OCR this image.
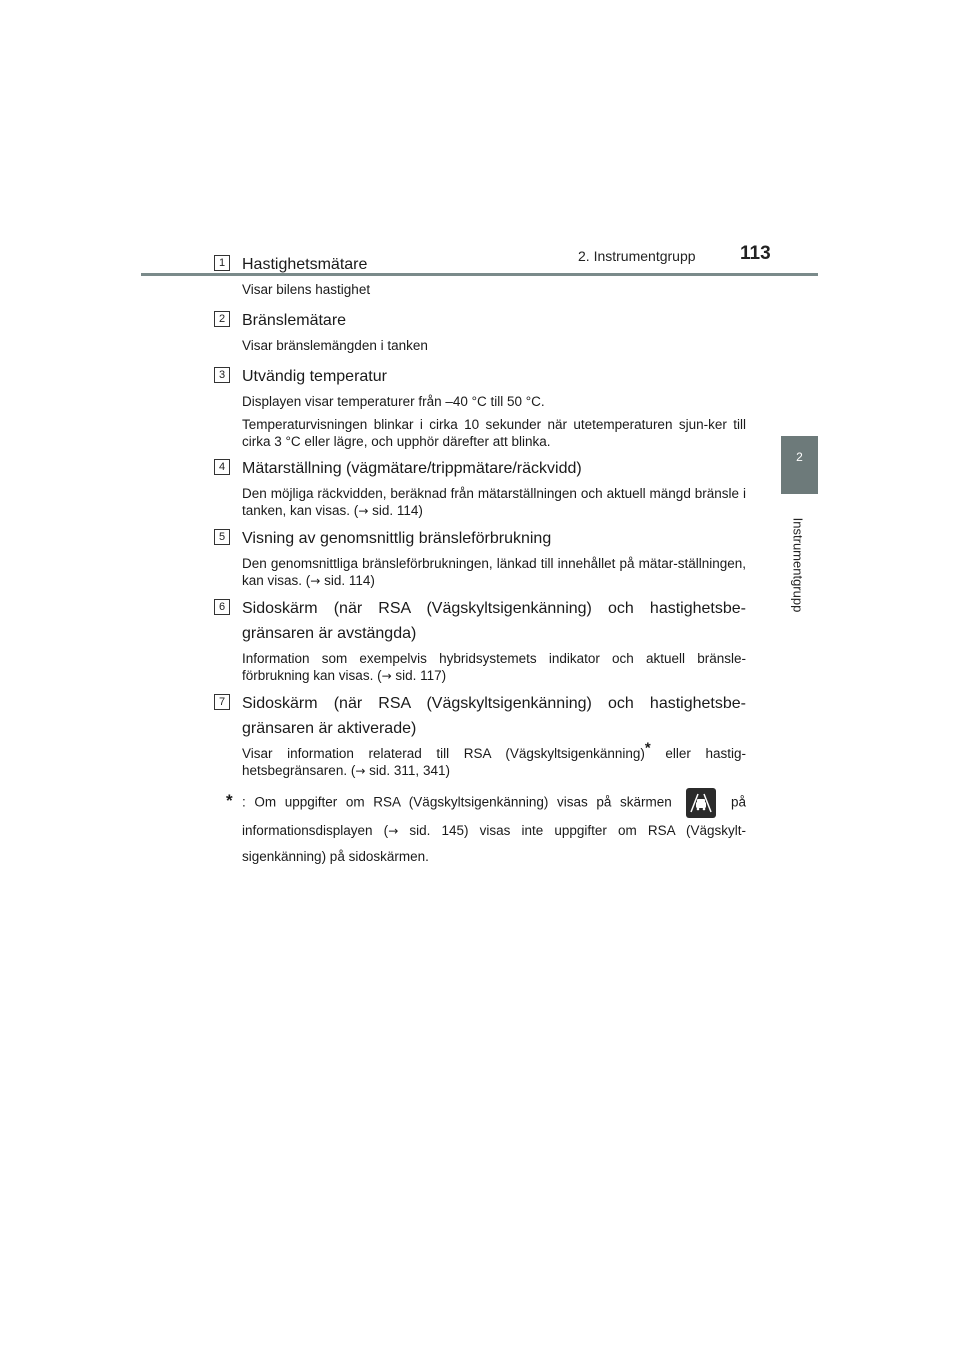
2. Instrumentgrupp 113
2
Instrumentgrupp
1	Hastighetsmätare

Visar bilens hastighet

2	Bränslemätare

Visar bränslemängden i tanken

3	Utvändig temperatur

Displayen visar temperaturer från –40 °C till 50 °C.

Temperaturvisningen blinkar i cirka 10 sekunder när utetemperaturen sjun-ker till cirka 3 °C eller lägre, och upphör därefter att blinka.

4	Mätarställning (vägmätare/trippmätare/räckvidd)

Den möjliga räckvidden, beräknad från mätarställningen och aktuell mängd bränsle i tanken, kan visas. (→ sid. 114)

5	Visning av genomsnittlig bränsleförbrukning

Den genomsnittliga bränsleförbrukningen, länkad till innehållet på mätar-ställningen, kan visas. (→ sid. 114)

6	Sidoskärm (när RSA (Vägskyltsigenkänning) och hastighetsbe-gränsaren är avstängda)

Information som exempelvis hybridsystemets indikator och aktuell bränsle-förbrukning kan visas. (→ sid. 117)

7	Sidoskärm (när RSA (Vägskyltsigenkänning) och hastighetsbe-gränsaren är aktiverade)

Visar information relaterad till RSA (Vägskyltsigenkänning)* eller hastig-hetsbegränsaren. (→ sid. 311, 341)

* : Om uppgifter om RSA (Vägskyltsigenkänning) visas på skärmen	på informationsdisplayen (→ sid. 145) visas inte uppgifter om RSA (Vägskylt-sigenkänning) på sidoskärmen.
